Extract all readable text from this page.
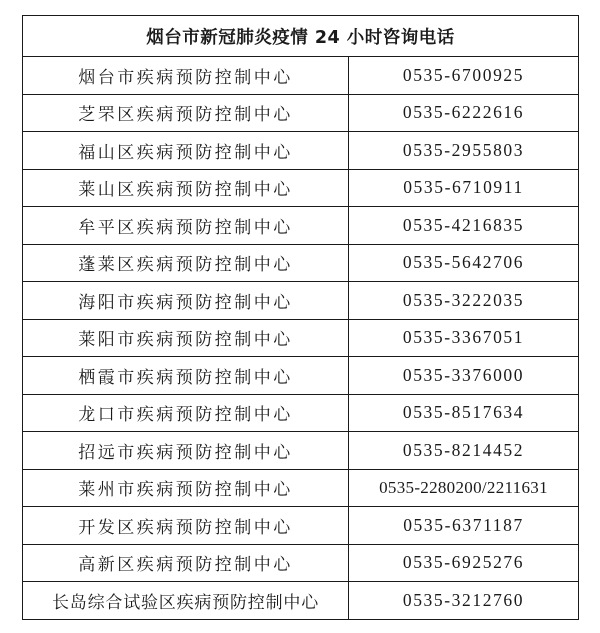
烟台市新冠肺炎疫情 24 小时咨询电话	
烟台市疾病预防控制中心	0535-6700925
芝罘区疾病预防控制中心	0535-6222616
福山区疾病预防控制中心	0535-2955803
莱山区疾病预防控制中心	0535-6710911
牟平区疾病预防控制中心	0535-4216835
蓬莱区疾病预防控制中心	0535-5642706
海阳市疾病预防控制中心	0535-3222035
莱阳市疾病预防控制中心	0535-3367051
栖霞市疾病预防控制中心	0535-3376000
龙口市疾病预防控制中心	0535-8517634
招远市疾病预防控制中心	0535-8214452
莱州市疾病预防控制中心	0535-2280200/2211631
开发区疾病预防控制中心	0535-6371187
高新区疾病预防控制中心	0535-6925276
长岛综合试验区疾病预防控制中心	0535-3212760
